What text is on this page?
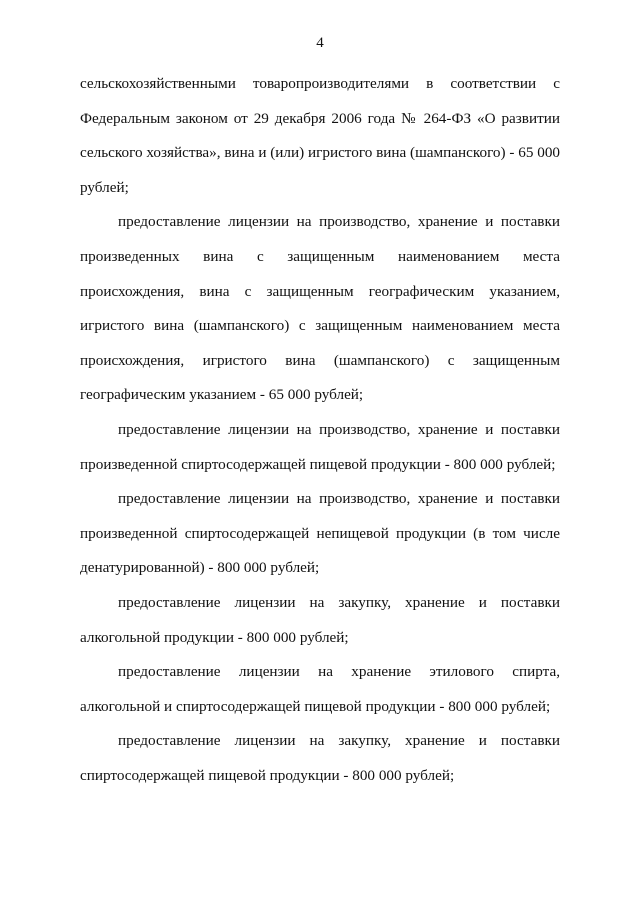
4

сельскохозяйственными товаропроизводителями в соответствии с Федеральным законом от 29 декабря 2006 года № 264-ФЗ «О развитии сельского хозяйства», вина и (или) игристого вина (шампанского) - 65 000 рублей;

предоставление лицензии на производство, хранение и поставки произведенных вина с защищенным наименованием места происхождения, вина с защищенным географическим указанием, игристого вина (шампанского) с защищенным наименованием места происхождения, игристого вина (шампанского) с защищенным географическим указанием - 65 000 рублей;

предоставление лицензии на производство, хранение и поставки произведенной спиртосодержащей пищевой продукции - 800 000 рублей;

предоставление лицензии на производство, хранение и поставки произведенной спиртосодержащей непищевой продукции (в том числе денатурированной) - 800 000 рублей;

предоставление лицензии на закупку, хранение и поставки алкогольной продукции - 800 000 рублей;

предоставление лицензии на хранение этилового спирта, алкогольной и спиртосодержащей пищевой продукции - 800 000 рублей;

предоставление лицензии на закупку, хранение и поставки спиртосодержащей пищевой продукции - 800 000 рублей;
